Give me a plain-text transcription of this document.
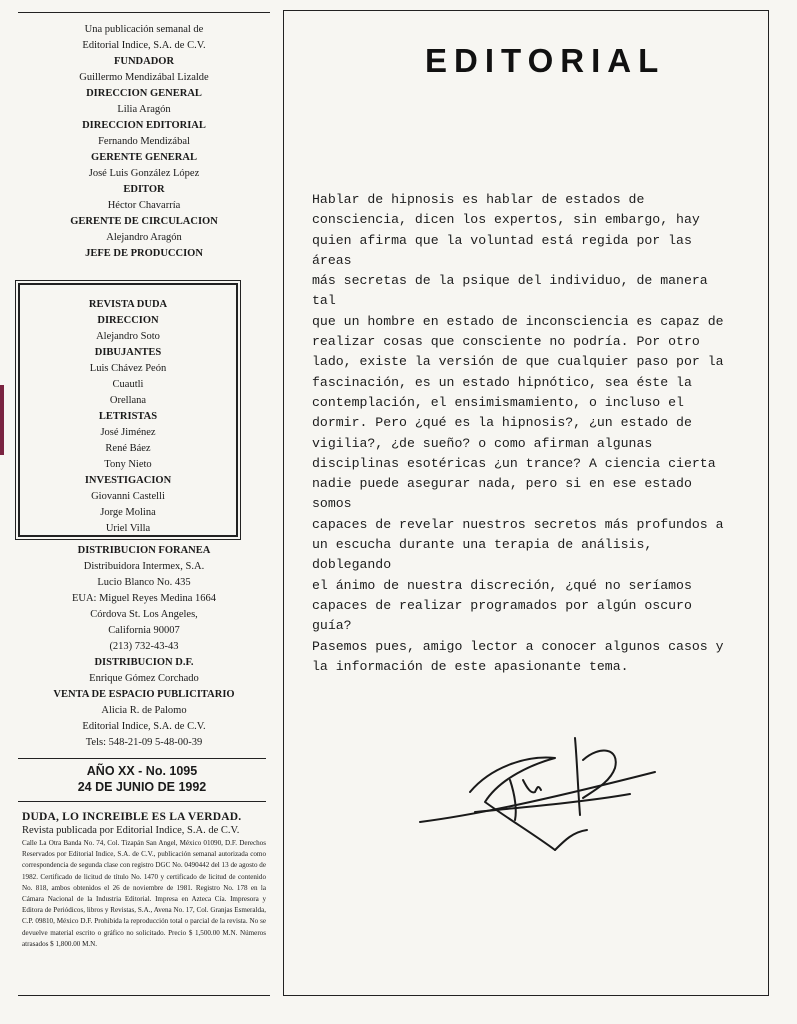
Una publicación semanal de
Editorial Indice, S.A. de C.V.
FUNDADOR
Guillermo Mendizábal Lizalde
DIRECCION GENERAL
Lilia Aragón
DIRECCION EDITORIAL
Fernando Mendizábal
GERENTE GENERAL
José Luis González López
EDITOR
Héctor Chavarría
GERENTE DE CIRCULACION
Alejandro Aragón
JEFE DE PRODUCCION
REVISTA DUDA
DIRECCION
Alejandro Soto
DIBUJANTES
Luis Chávez Peón
Cuautli
Orellana
LETRISTAS
José Jiménez
René Báez
Tony Nieto
INVESTIGACION
Giovanni Castelli
Jorge Molina
Uriel Villa
DISTRIBUCION FORANEA
Distribuidora Intermex, S.A.
Lucio Blanco No. 435
EUA: Miguel Reyes Medina 1664
Córdova St. Los Angeles,
California 90007
(213) 732-43-43
DISTRIBUCION D.F.
Enrique Gómez Corchado
VENTA DE ESPACIO PUBLICITARIO
Alicia R. de Palomo
Editorial Indice, S.A. de C.V.
Tels: 548-21-09 5-48-00-39
AÑO XX - No. 1095
24 DE JUNIO DE 1992
DUDA, LO INCREIBLE ES LA VERDAD.
Revista publicada por Editorial Indice, S.A. de C.V.
Calle La Otra Banda No. 74, Col. Tizapán San Angel, México 01090, D.F. Derechos Reservados por Editorial Indice, S.A. de C.V., publicación semanal autorizada como correspondencia de segunda clase con registro DGC No. 0490442 del 13 de agosto de 1982. Certificado de licitud de título No. 1470 y certificado de licitud de contenido No. 818, ambos obtenidos el 26 de noviembre de 1981. Registro No. 178 en la Cámara Nacional de la Industria Editorial. Impresa en Azteca Cía. Impresora y Editora de Periódicos, libros y Revistas, S.A., Avena No. 17, Col. Granjas Esmeralda, C.P. 09810, México D.F. Prohibida la reproducción total o parcial de la revista. No se devuelve material escrito o gráfico no solicitado. Precio $ 1,500.00 M.N. Números atrasados $ 1,800.00 M.N.
EDITORIAL
Hablar de hipnosis es hablar de estados de
consciencia, dicen los expertos, sin embargo, hay
quien afirma que la voluntad está regida por las áreas
más secretas de la psique del individuo, de manera tal
que un hombre en estado de inconsciencia es capaz de
realizar cosas que consciente no podría. Por otro
lado, existe la versión de que cualquier paso por la
fascinación, es un estado hipnótico, sea éste la
contemplación, el ensimismamiento, o incluso el
dormir. Pero ¿qué es la hipnosis?, ¿un estado de
vigilia?, ¿de sueño? o como afirman algunas
disciplinas esotéricas ¿un trance? A ciencia cierta
nadie puede asegurar nada, pero si en ese estado somos
capaces de revelar nuestros secretos más profundos a
un escucha durante una terapia de análisis, doblegando
el ánimo de nuestra discreción, ¿qué no seríamos
capaces de realizar programados por algún oscuro
guía?
Pasemos pues, amigo lector a conocer algunos casos y
la información de este apasionante tema.
